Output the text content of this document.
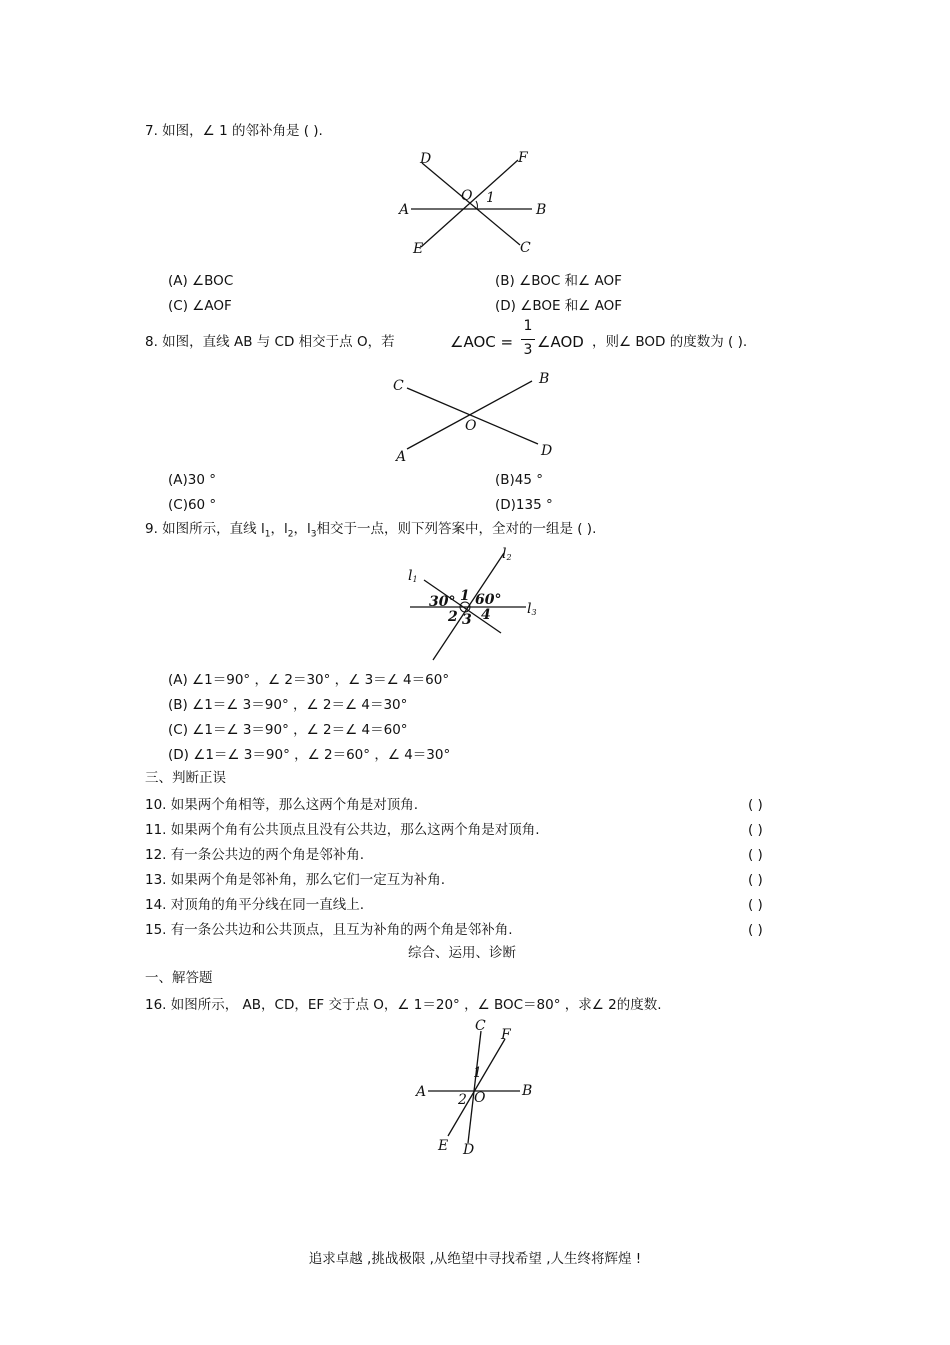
7. 如图，∠ 1 的邻补角是 ( ).
D	F
O 1
A	B
E	C
(A) ∠BOC	(B) ∠BOC 和∠ AOF
(C) ∠AOF	(D) ∠BOE 和∠ AOF
8. 如图，直线 AB 与 CD 相交于点 O，若	∠AOC =
1
3 ∠AOD ，则∠ BOD 的度数为 ( ).
C	B
O
A	D
(A)30 °	(B)45 °
(C)60 °	(D)135 °
9. 如图所示，直线 $l_1$，$l_2$，$l_3$相交于一点，则下列答案中，全对的一组是 ( ).
l1
l2
l3
30° 1 60°
2 3 4
(A) ∠1＝90° ，∠ 2＝30° ，∠ 3＝∠ 4＝60°
(B) ∠1＝∠ 3＝90° ，∠ 2＝∠ 4＝30°
(C) ∠1＝∠ 3＝90° ，∠ 2＝∠ 4＝60°
(D) ∠1＝∠ 3＝90° ，∠ 2＝60° ，∠ 4＝30°
三、判断正误
10. 如果两个角相等，那么这两个角是对顶角.	( )
11. 如果两个角有公共顶点且没有公共边，那么这两个角是对顶角.	( )
12. 有一条公共边的两个角是邻补角.	( )
13. 如果两个角是邻补角，那么它们一定互为补角.	( )
14. 对顶角的角平分线在同一直线上.	( )
15. 有一条公共边和公共顶点，且互为补角的两个角是邻补角.	( )
综合、运用、诊断
一、解答题
16. 如图所示， AB，CD，EF 交于点 O，∠ 1＝20° ，∠ BOC＝80° ，求∠ 2的度数.
C
F
1
A	B
2 O
E D
追求卓越 ,挑战极限 ,从绝望中寻找希望 ,人生终将辉煌 !
